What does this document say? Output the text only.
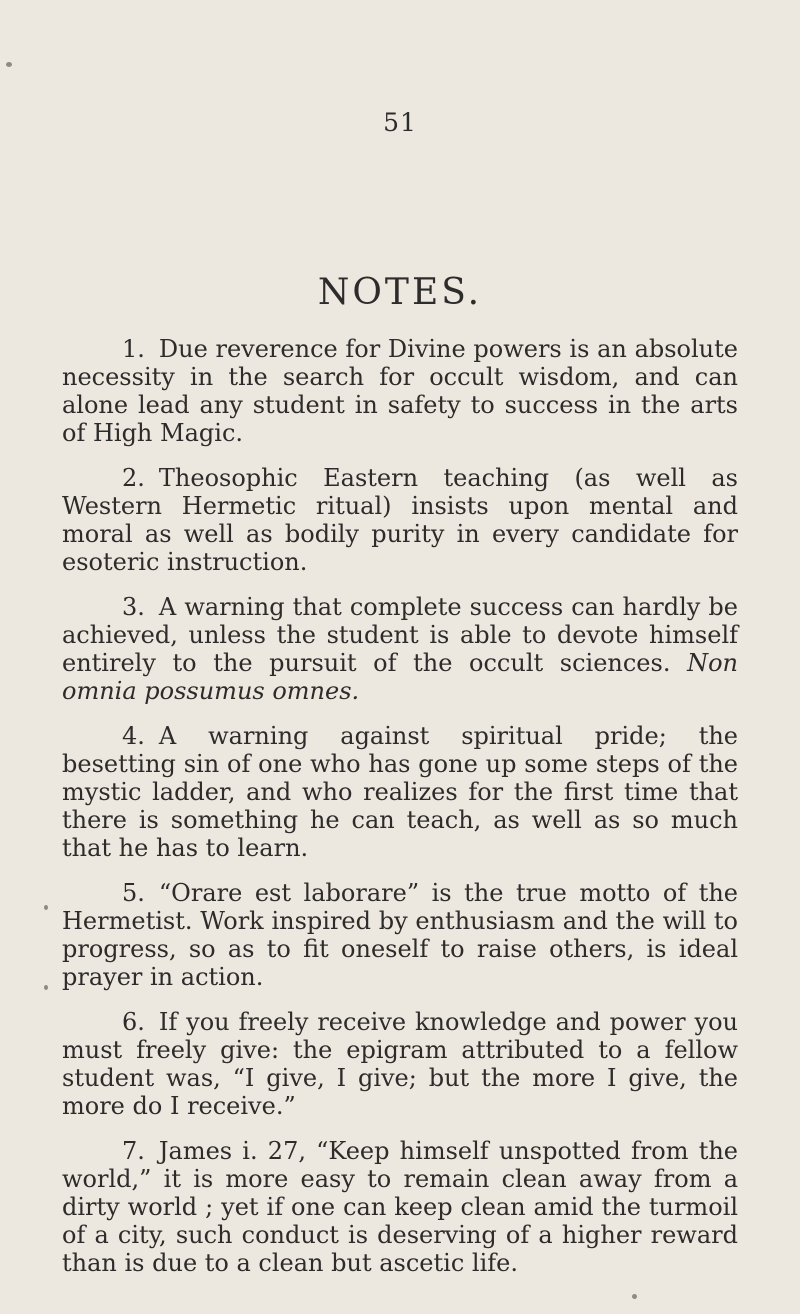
51
NOTES.

1. Due reverence for Divine powers is an absolute necessity in the search for occult wisdom, and can alone lead any student in safety to success in the arts of High Magic.

2. Theosophic Eastern teaching (as well as Western Hermetic ritual) insists upon mental and moral as well as bodily purity in every candidate for esoteric instruction.

3. A warning that complete success can hardly be achieved, unless the student is able to devote himself entirely to the pursuit of the occult sciences. Non omnia possumus omnes.

4. A warning against spiritual pride; the besetting sin of one who has gone up some steps of the mystic ladder, and who realizes for the first time that there is something he can teach, as well as so much that he has to learn.

5. “Orare est laborare” is the true motto of the Hermetist. Work inspired by enthusiasm and the will to progress, so as to fit oneself to raise others, is ideal prayer in action.

6. If you freely receive knowledge and power you must freely give: the epigram attributed to a fellow student was, “I give, I give; but the more I give, the more do I receive.”

7. James i. 27, “Keep himself unspotted from the world,” it is more easy to remain clean away from a dirty world ; yet if one can keep clean amid the turmoil of a city, such conduct is deserving of a higher reward than is due to a clean but ascetic life.
